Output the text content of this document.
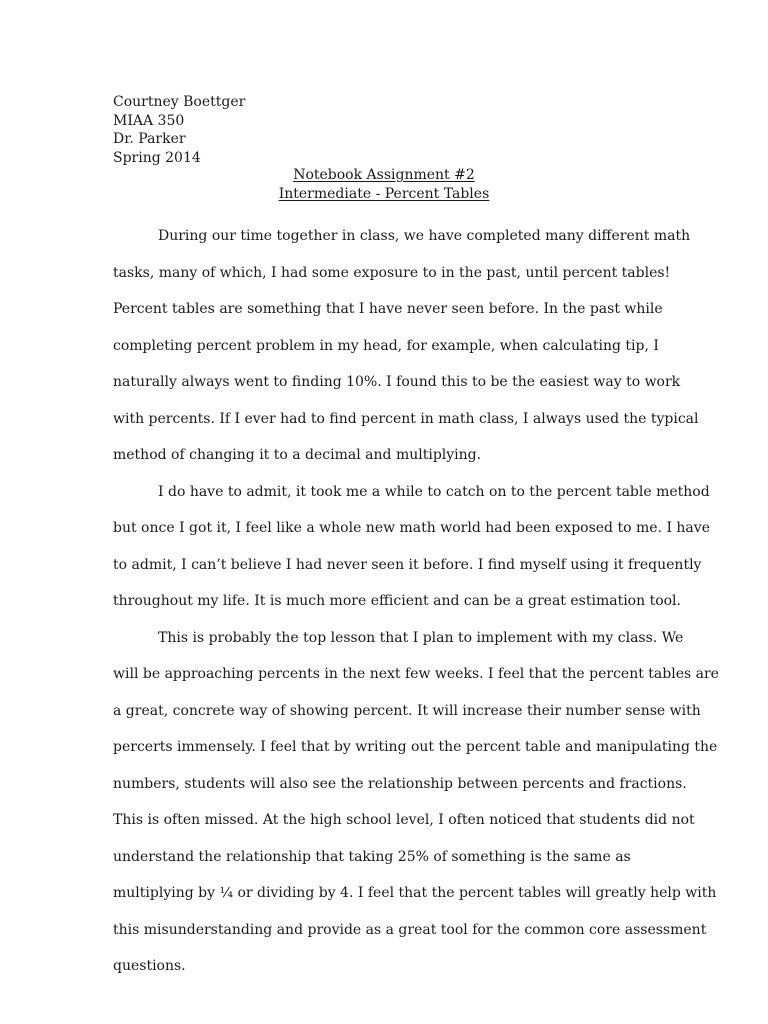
Courtney Boettger
MIAA 350
Dr. Parker
Spring 2014
Notebook Assignment #2
Intermediate - Percent Tables
During our time together in class, we have completed many different math
tasks, many of which, I had some exposure to in the past, until percent tables!
Percent tables are something that I have never seen before. In the past while
completing percent problem in my head, for example, when calculating tip, I
naturally always went to finding 10%. I found this to be the easiest way to work
with percents. If I ever had to find percent in math class, I always used the typical
method of changing it to a decimal and multiplying.
I do have to admit, it took me a while to catch on to the percent table method
but once I got it, I feel like a whole new math world had been exposed to me. I have
to admit, I can’t believe I had never seen it before. I find myself using it frequently
throughout my life. It is much more efficient and can be a great estimation tool.
This is probably the top lesson that I plan to implement with my class. We
will be approaching percents in the next few weeks. I feel that the percent tables are
a great, concrete way of showing percent. It will increase their number sense with
percerts immensely. I feel that by writing out the percent table and manipulating the
numbers, students will also see the relationship between percents and fractions.
This is often missed. At the high school level, I often noticed that students did not
understand the relationship that taking 25% of something is the same as
multiplying by ¼ or dividing by 4. I feel that the percent tables will greatly help with
this misunderstanding and provide as a great tool for the common core assessment
questions.
